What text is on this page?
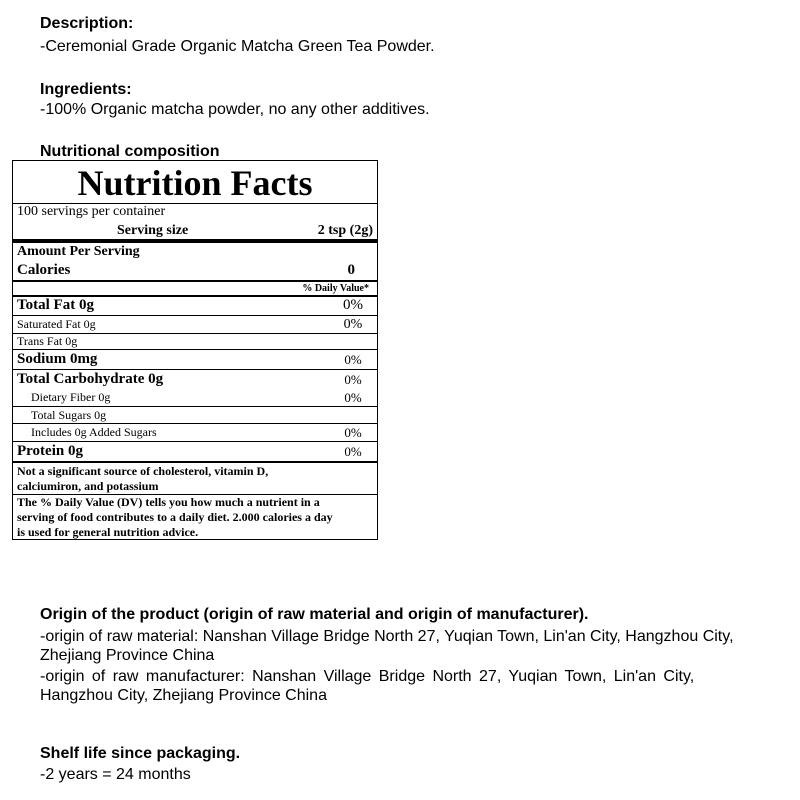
Description:

-Ceremonial Grade Organic Matcha Green Tea Powder.

Ingredients:

-100% Organic matcha powder, no any other additives.

Nutritional composition

Nutrition Facts
100 servings per container
Serving size	2 tsp (2g)
Amount Per Serving
Calories	0
% Daily Value*
Total Fat 0g	0%
Saturated Fat 0g	0%
Trans Fat 0g
Sodium 0mg	0%
Total Carbohydrate 0g	0%
Dietary Fiber 0g	0%
Total Sugars 0g
Includes 0g Added Sugars	0%
Protein 0g	0%
Not a significant source of cholesterol, vitamin D,
calciumiron, and potassium
The % Daily Value (DV) tells you how much a nutrient in a
serving of food contributes to a daily diet. 2.000 calories a day
is used for general nutrition advice.

Origin of the product (origin of raw material and origin of manufacturer).

-origin of raw material: Nanshan Village Bridge North 27, Yuqian Town, Lin'an City, Hangzhou City,

Zhejiang Province China

-origin of raw manufacturer: Nanshan Village Bridge North 27, Yuqian Town, Lin'an City,

Hangzhou City, Zhejiang Province China

Shelf life since packaging.

-2 years = 24 months
